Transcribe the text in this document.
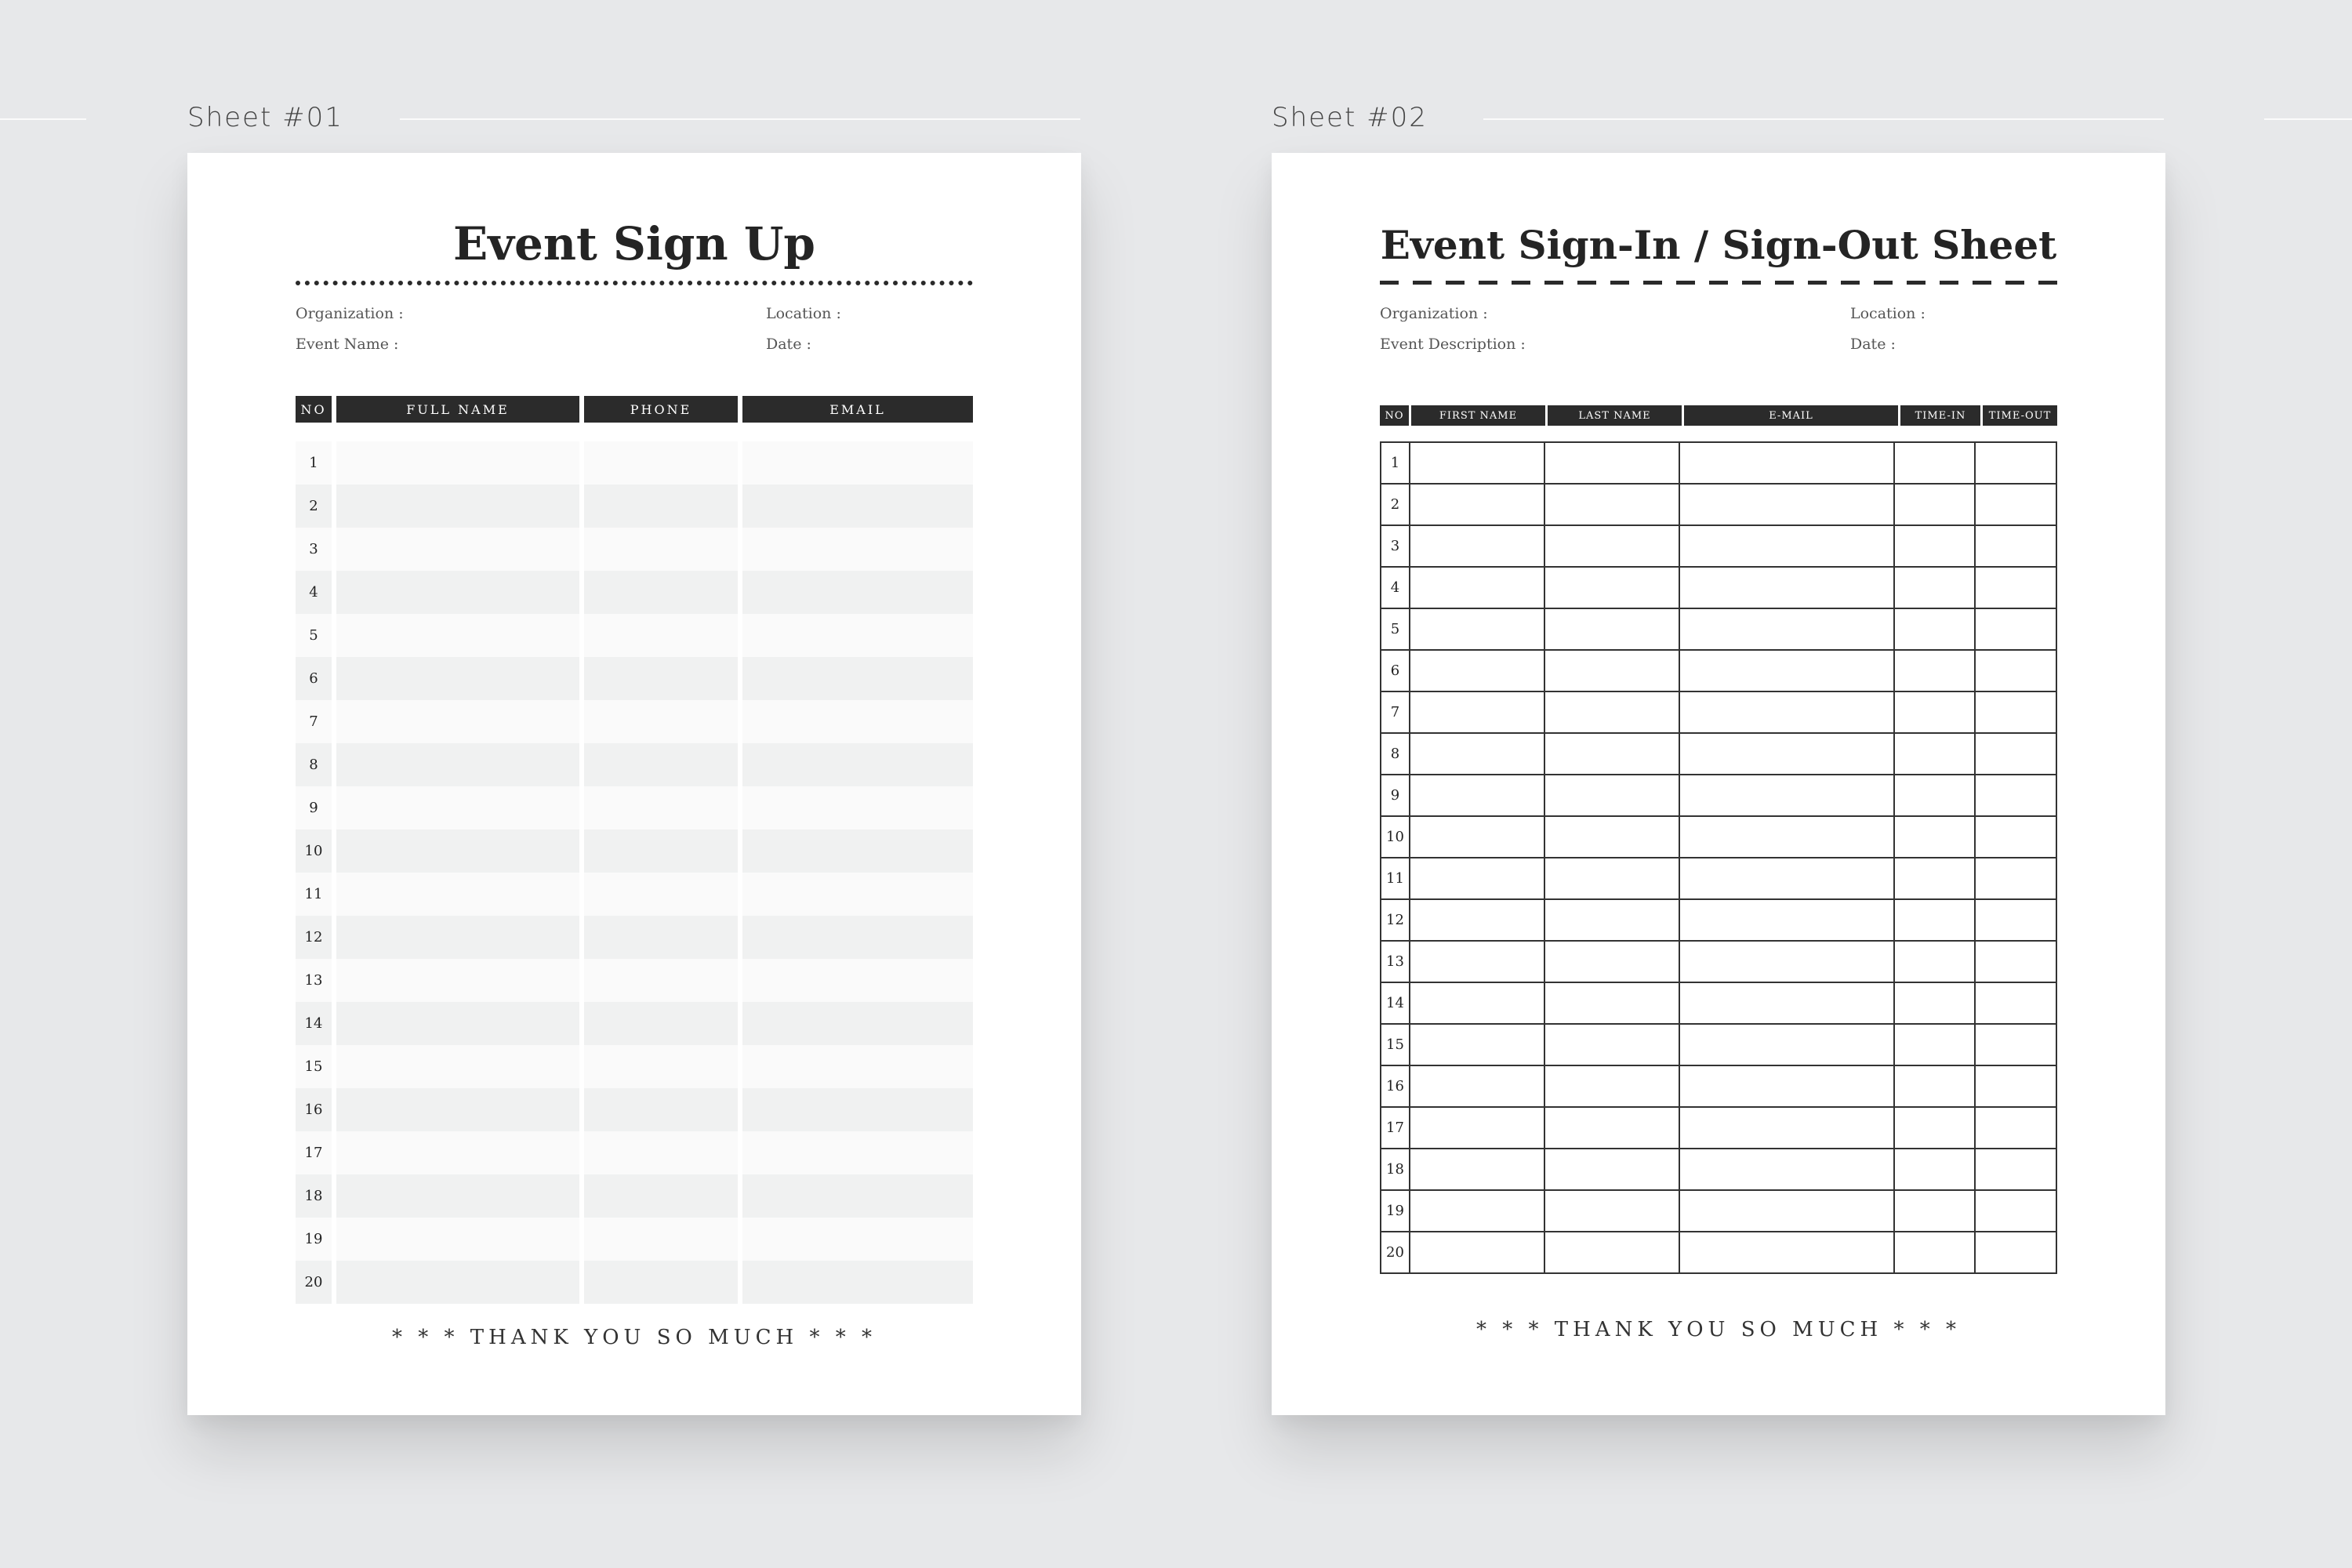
Sheet #01	Sheet #02
Event Sign Up
Organization :	Location :
Event Name :	Date :
NO	FULL NAME	PHONE	EMAIL

1			
2			
3			
4			
5			
6			
7			
8			
9			
10			
11			
12			
13			
14			
15			
16			
17			
18			
19			
20			
* * * THANK YOU SO MUCH * * *
Event Sign-In / Sign-Out Sheet
Organization :	Location :
Event Description :	Date :
NO	FIRST NAME	LAST NAME	E-MAIL	TIME-IN	TIME-OUT
1					
2					
3					
4					
5					
6					
7					
8					
9					
10					
11					
12					
13					
14					
15					
16					
17					
18					
19					
20					
* * * THANK YOU SO MUCH * * *
